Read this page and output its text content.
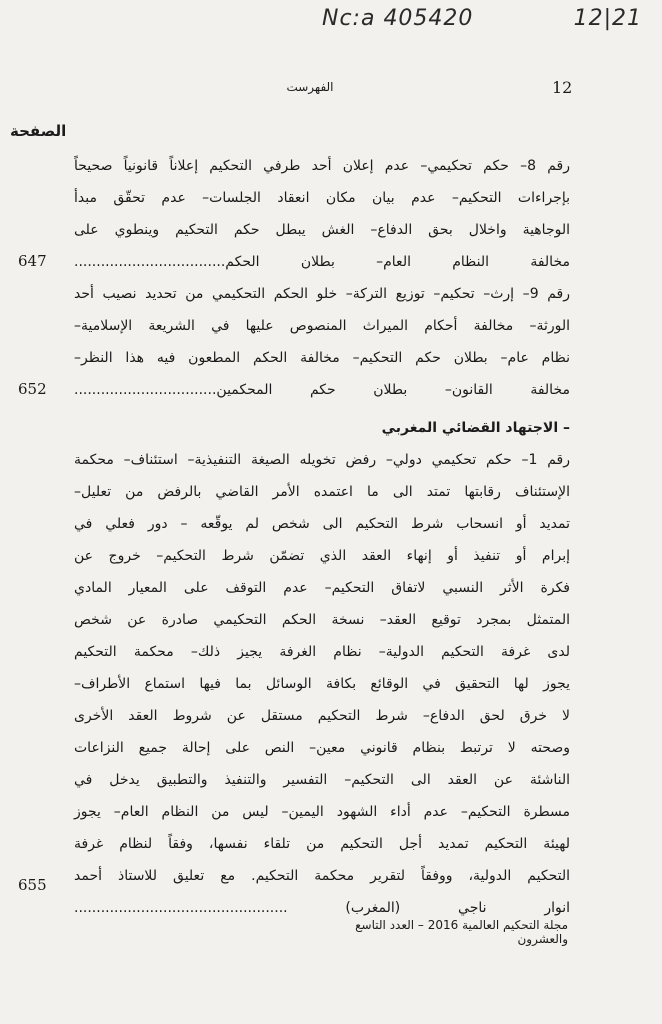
Nc:a 405420	12|21
12
الفهرست
الصفحة
رقم 8– حكم تحكيمي– عدم إعلان أحد طرفي التحكيم إعلاناً قانونياً صحيحاً
بإجراءات التحكيم– عدم بيان مكان انعقاد الجلسات– عدم تحقّق مبدأ
الوجاهية واخلال بحق الدفاع– الغش يبطل حكم التحكيم وينطوي على
مخالفة النظام العام– بطلان الحكم..................................
647
رقم 9– إرث– تحكيم– توزيع التركة– خلو الحكم التحكيمي من تحديد نصيب أحد
الورثة– مخالفة أحكام الميراث المنصوص عليها في الشريعة الإسلامية–
نظام عام– بطلان حكم التحكيم– مخالفة الحكم المطعون فيه هذا النظر–
مخالفة القانون– بطلان حكم المحكمين................................
652
– الاجتهاد القضائي المغربي
رقم 1– حكم تحكيمي دولي– رفض تخويله الصيغة التنفيذية– استئناف– محكمة
الإستئناف رقابتها تمتد الى ما اعتمده الأمر القاضي بالرفض من تعليل–
تمديد أو انسحاب شرط التحكيم الى شخص لم يوقّعه – دور فعلي في
إبرام أو تنفيذ أو إنهاء العقد الذي تضمّن شرط التحكيم– خروج عن
فكرة الأثر النسبي لاتفاق التحكيم– عدم التوقف على المعيار المادي
المتمثل بمجرد توقيع العقد– نسخة الحكم التحكيمي صادرة عن شخص
لدى غرفة التحكيم الدولية– نظام الغرفة يجيز ذلك– محكمة التحكيم
يجوز لها التحقيق في الوقائع بكافة الوسائل بما فيها استماع الأطراف–
لا خرق لحق الدفاع– شرط التحكيم مستقل عن شروط العقد الأخرى
وصحته لا ترتبط بنظام قانوني معين– النص على إحالة جميع النزاعات
الناشئة عن العقد الى التحكيم– التفسير والتنفيذ والتطبيق يدخل في
مسطرة التحكيم– عدم أداء الشهود اليمين– ليس من النظام العام– يجوز
لهيئة التحكيم تمديد أجل التحكيم من تلقاء نفسها، وفقاً لنظام غرفة
التحكيم الدولية، ووفقاً لتقرير محكمة التحكيم. مع تعليق للاستاذ أحمد
انوار ناجي (المغرب) ................................................
655
مجلة التحكيم العالمية 2016 – العدد التاسع والعشرون
